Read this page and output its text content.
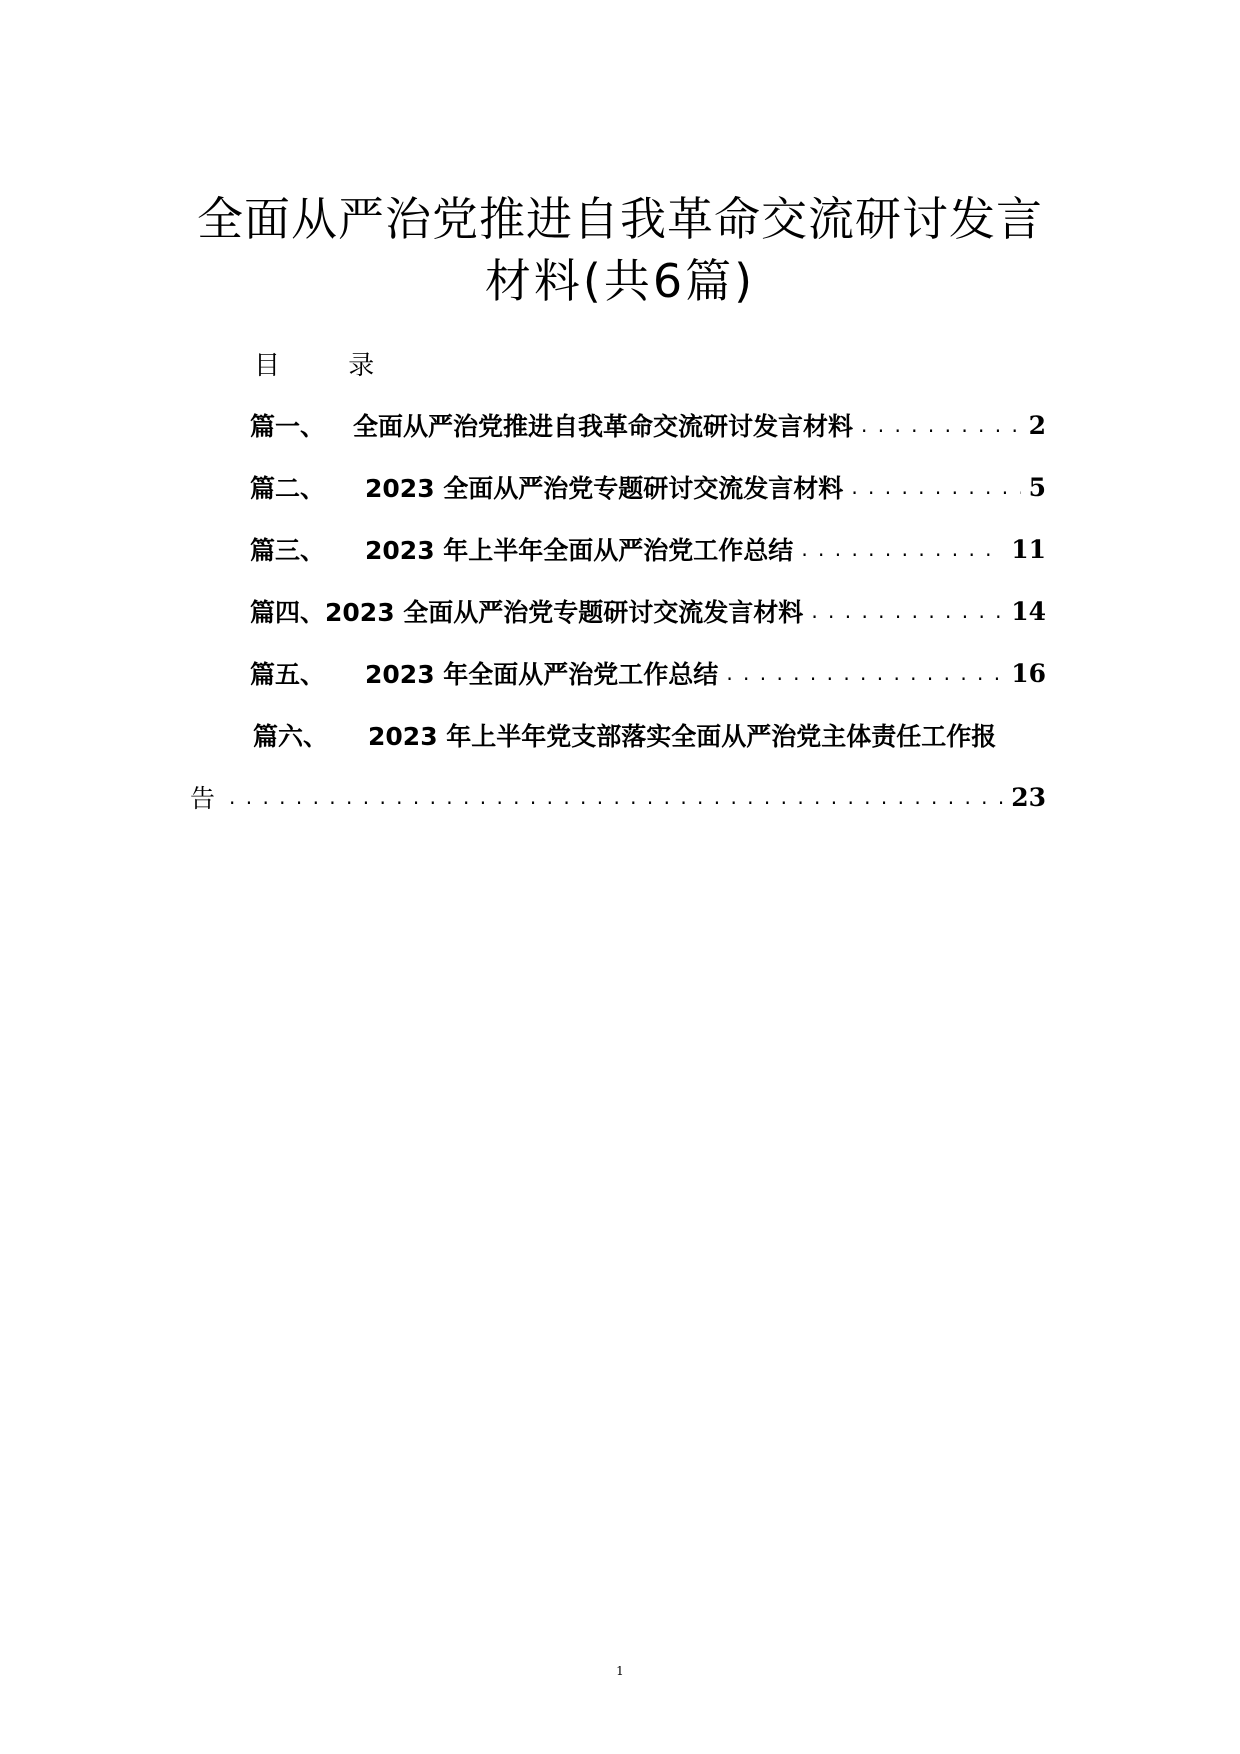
全面从严治党推进自我革命交流研讨发言
材料(共6篇)
目 录
篇一、 全面从严治党推进自我革命交流研讨发言材料 . . .	2
篇二、 2023 全面从严治党专题研讨交流发言材料 . . .	5
篇三、 2023 年上半年全面从严治党工作总结 . . .	11
篇四、 2023 全面从严治党专题研讨交流发言材料 . . .	14
篇五、 2023 年全面从严治党工作总结 . . .	16
篇六、 2023 年上半年党支部落实全面从严治党主体责任工作报
告 . . .	23
1
